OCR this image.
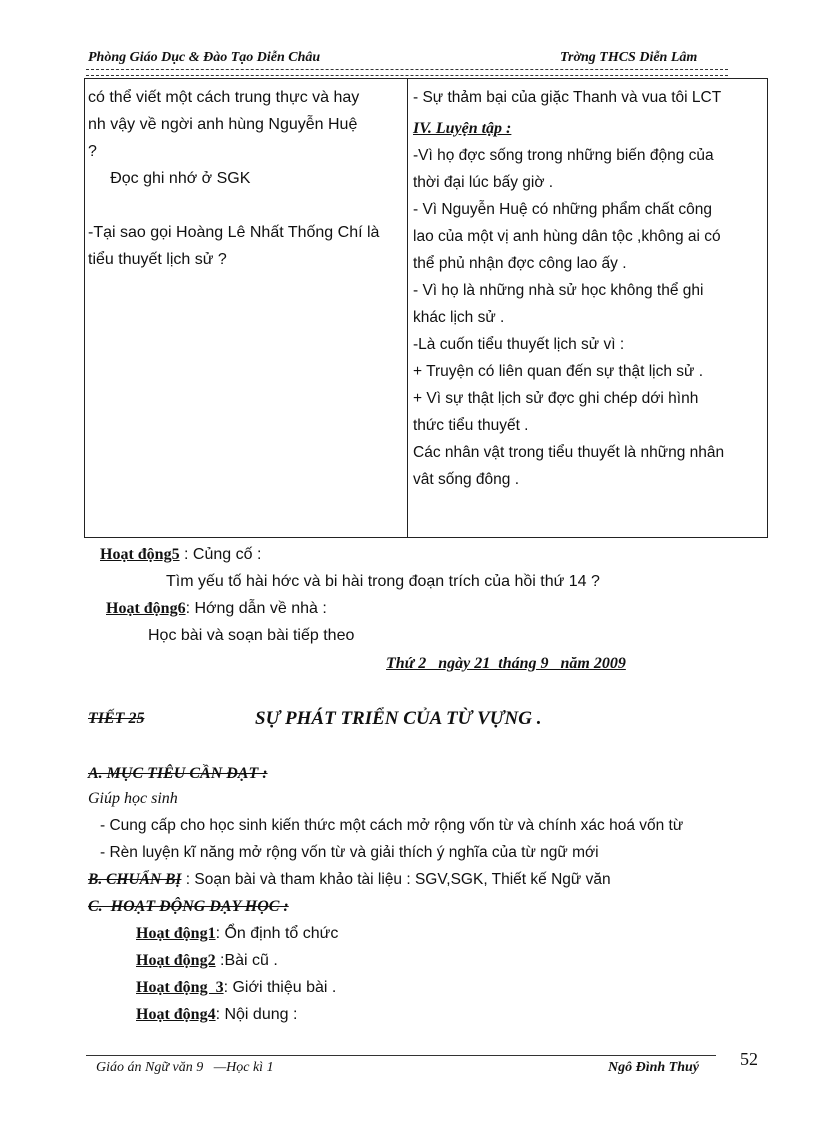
Phòng Giáo Dục & Đào Tạo Diễn Châu	Trờng THCS Diễn Lâm
có thể viết một cách trung thực và hay
nh vậy về ngời anh hùng Nguyễn Huệ
?
Đọc ghi nhớ ở SGK
-Tại sao gọi Hoàng Lê Nhất Thống Chí là
tiểu thuyết lịch sử ?
- Sự thảm bại của giặc Thanh và vua tôi LCT
IV. Luyện tập :
-Vì họ đợc sống trong những biến động của
thời đại lúc bấy giờ .
- Vì Nguyễn Huệ có những phẩm chất công
lao của một vị anh hùng dân tộc ,không ai có
thể phủ nhận đợc công lao ấy .
- Vì họ là những nhà sử học không thể ghi
khác lịch sử .
-Là cuốn tiểu thuyết lịch sử vì :
+ Truyện có liên quan đến sự thật lịch sử .
+ Vì sự thật lịch sử đợc ghi chép dới hình
thức tiểu thuyết .
Các nhân vật trong tiểu thuyết là những nhân
vât sống đông .
Hoạt động5 : Củng cố :
Tìm yếu tố hài hớc và bi hài trong đoạn trích của hồi thứ 14 ?
Hoạt động6: Hớng dẫn về nhà :
Học bài và soạn bài tiếp theo
Thứ 2   ngày 21  tháng 9   năm 2009
TIẾT 25	SỰ PHÁT TRIỂN CỦA TỪ VỰNG .
A. MỤC TIÊU CẦN ĐẠT :
Giúp học sinh
- Cung cấp cho học sinh kiến thức một cách mở rộng vốn từ và chính xác hoá vốn từ
- Rèn luyện kĩ năng mở rộng vốn từ và giải thích ý nghĩa của từ ngữ mới
B. CHUẨN BỊ : Soạn bài và tham khảo tài liệu : SGV,SGK, Thiết kế Ngữ văn
C.  HOẠT ĐỘNG DẠY HỌC :
Hoạt động1: Ổn định tổ chức
Hoạt động2 :Bài cũ .
Hoạt động  3: Giới thiệu bài .
Hoạt động4: Nội dung :
Giáo án Ngữ văn 9   —Học kì 1	Ngô Đình Thuý 52
